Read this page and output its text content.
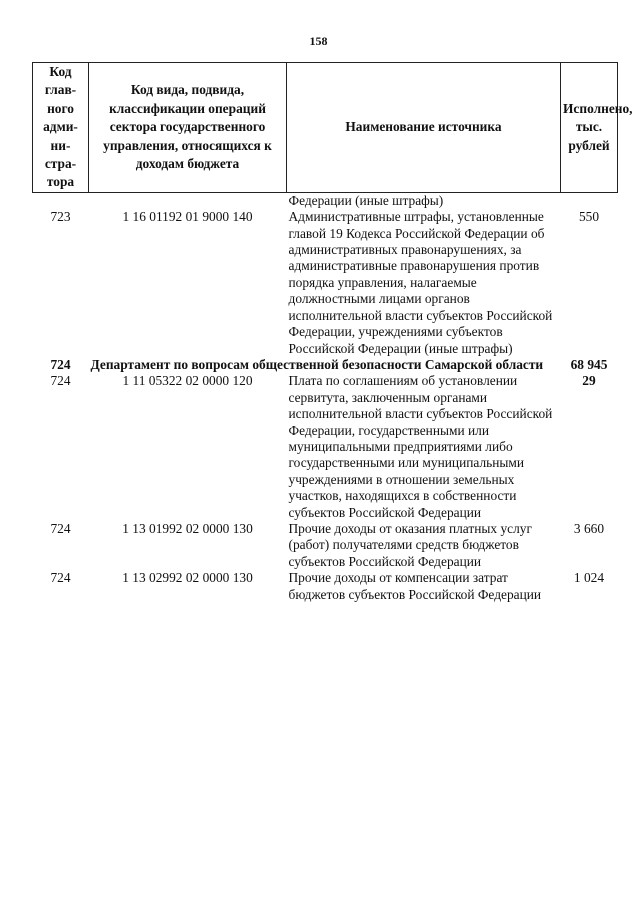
158
Код глав-ного адми-ни-стра-тора	Код вида, подвида, классификации операций сектора государственного управления, относящихся к доходам бюджета	Наименование источника	Исполнено, тыс. рублей
		Федерации (иные штрафы)	
723	1 16 01192 01 9000 140	Административные штрафы, установленные главой 19 Кодекса Российской Федерации об административных правонарушениях, за административные правонарушения против порядка управления, налагаемые должностными лицами органов исполнительной власти субъектов Российской Федерации, учреждениями субъектов Российской Федерации (иные штрафы)	550
724	Департамент по вопросам общественной безопасности Самарской области		68 945
724	1 11 05322 02 0000 120	Плата по соглашениям об установлении сервитута, заключенным органами исполнительной власти субъектов Российской Федерации, государственными или муниципальными предприятиями либо государственными или муниципальными учреждениями в отношении земельных участков, находящихся в собственности субъектов Российской Федерации	29
724	1 13 01992 02 0000 130	Прочие доходы от оказания платных услуг (работ) получателями средств бюджетов субъектов Российской Федерации	3 660
724	1 13 02992 02 0000 130	Прочие доходы от компенсации затрат бюджетов субъектов Российской Федерации	1 024
